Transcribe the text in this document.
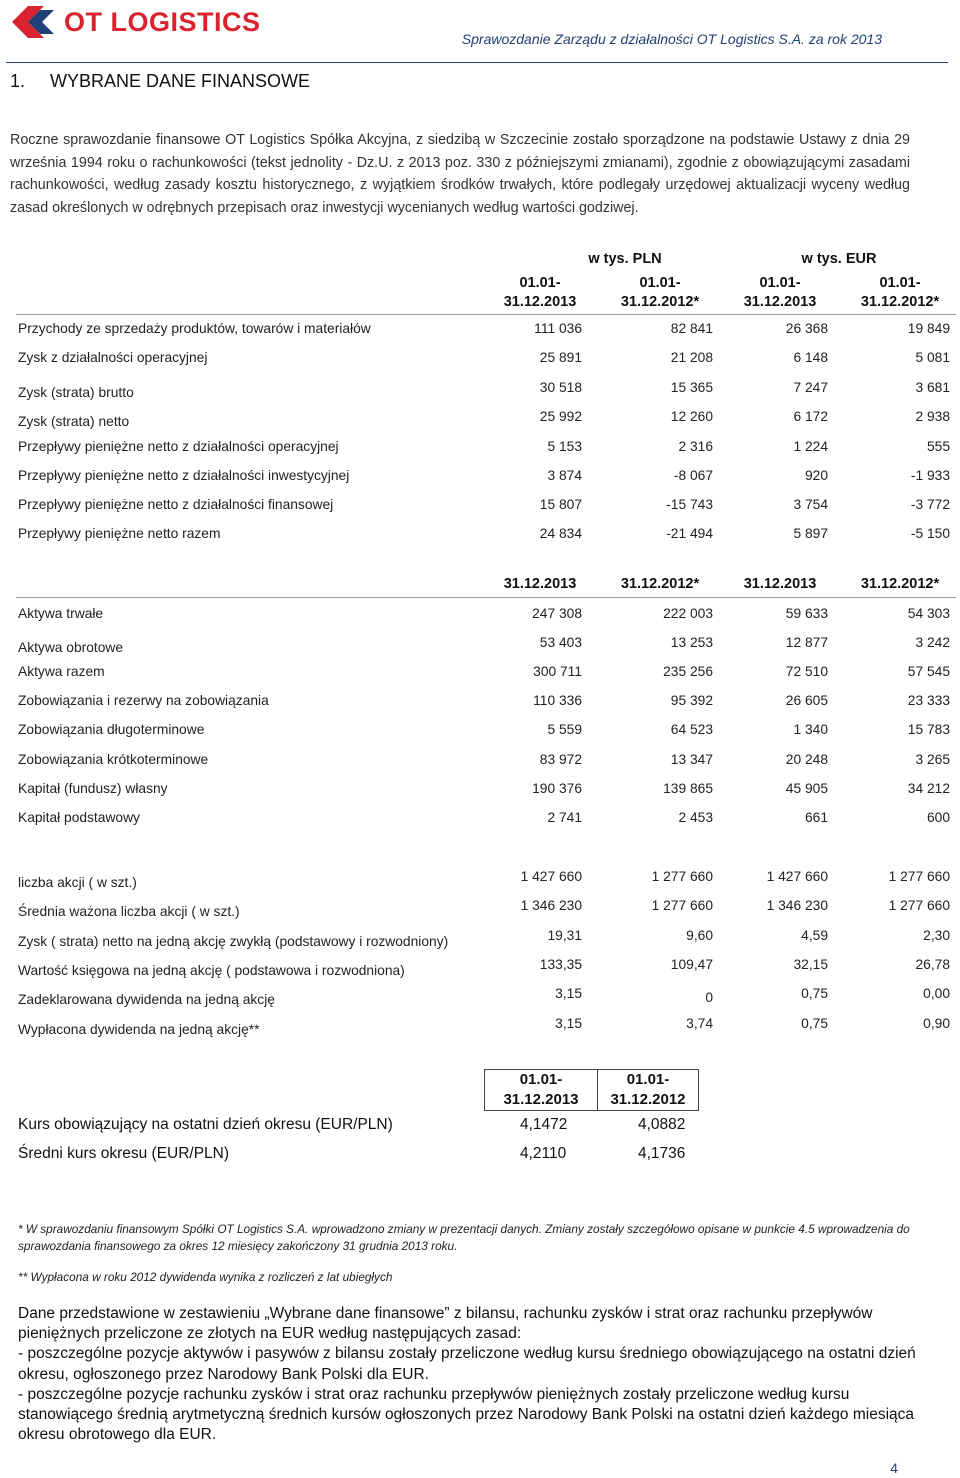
OT LOGISTICS
Sprawozdanie Zarządu z działalności OT Logistics S.A. za rok 2013
1. WYBRANE DANE FINANSOWE
Roczne sprawozdanie finansowe OT Logistics Spółka Akcyjna, z siedzibą w Szczecinie zostało sporządzone na podstawie Ustawy z dnia 29 września 1994 roku o rachunkowości (tekst jednolity - Dz.U. z 2013 poz. 330 z późniejszymi zmianami), zgodnie z obowiązującymi zasadami rachunkowości, według zasady kosztu historycznego, z wyjątkiem środków trwałych, które podlegały urzędowej aktualizacji wyceny według zasad określonych w odrębnych przepisach oraz inwestycji wycenianych według wartości godziwej.
w tys. PLN	w tys. EUR
01.01-
31.12.2013
01.01-
31.12.2012*
01.01-
31.12.2013
01.01-
31.12.2012*
Przychody ze sprzedaży produktów, towarów i materiałów	111 036	82 841	26 368	19 849
Zysk z działalności operacyjnej	25 891	21 208	6 148	5 081
Zysk (strata) brutto	30 518	15 365	7 247	3 681
Zysk (strata) netto	25 992	12 260	6 172	2 938
Przepływy pieniężne netto z działalności operacyjnej	5 153	2 316	1 224	555
Przepływy pieniężne netto z działalności inwestycyjnej	3 874	-8 067	920	-1 933
Przepływy pieniężne netto z działalności finansowej	15 807	-15 743	3 754	-3 772
Przepływy pieniężne netto razem	24 834	-21 494	5 897	-5 150
31.12.2013	31.12.2012*	31.12.2013	31.12.2012*
Aktywa trwałe	247 308	222 003	59 633	54 303
Aktywa obrotowe	53 403	13 253	12 877	3 242
Aktywa razem	300 711	235 256	72 510	57 545
Zobowiązania i rezerwy na zobowiązania	110 336	95 392	26 605	23 333
Zobowiązania długoterminowe	5 559	64 523	1 340	15 783
Zobowiązania krótkoterminowe	83 972	13 347	20 248	3 265
Kapitał (fundusz) własny	190 376	139 865	45 905	34 212
Kapitał podstawowy	2 741	2 453	661	600
liczba akcji ( w szt.)	1 427 660	1 277 660	1 427 660	1 277 660
Średnia ważona liczba akcji ( w szt.)	1 346 230	1 277 660	1 346 230	1 277 660
Zysk ( strata) netto na jedną akcję zwykłą (podstawowy i rozwodniony)	19,31	9,60	4,59	2,30
Wartość księgowa na jedną akcję ( podstawowa i rozwodniona)	133,35	109,47	32,15	26,78
Zadeklarowana dywidenda na jedną akcję	3,15	0	0,75	0,00
Wypłacona dywidenda na jedną akcję**	3,15	3,74	0,75	0,90
01.01-
31.12.2013
01.01-
31.12.2012
Kurs obowiązujący na ostatni dzień okresu (EUR/PLN)	4,1472	4,0882
Średni kurs okresu (EUR/PLN)	4,2110	4,1736
* W sprawozdaniu finansowym Spółki OT Logistics S.A. wprowadzono zmiany w prezentacji danych. Zmiany zostały szczegółowo opisane w punkcie 4.5 wprowadzenia do sprawozdania finansowego za okres 12 miesięcy zakończony 31 grudnia 2013 roku.
** Wypłacona w roku 2012 dywidenda wynika z rozliczeń z lat ubiegłych
Dane przedstawione w zestawieniu „Wybrane dane finansowe” z bilansu, rachunku zysków i strat oraz rachunku przepływów pieniężnych przeliczone ze złotych na EUR według następujących zasad:
- poszczególne pozycje aktywów i pasywów z bilansu zostały przeliczone według kursu średniego obowiązującego na ostatni dzień okresu, ogłoszonego przez Narodowy Bank Polski dla EUR.
- poszczególne pozycje rachunku zysków i strat oraz rachunku przepływów pieniężnych zostały przeliczone według kursu stanowiącego średnią arytmetyczną średnich kursów ogłoszonych przez Narodowy Bank Polski na ostatni dzień każdego miesiąca okresu obrotowego dla EUR.
4
